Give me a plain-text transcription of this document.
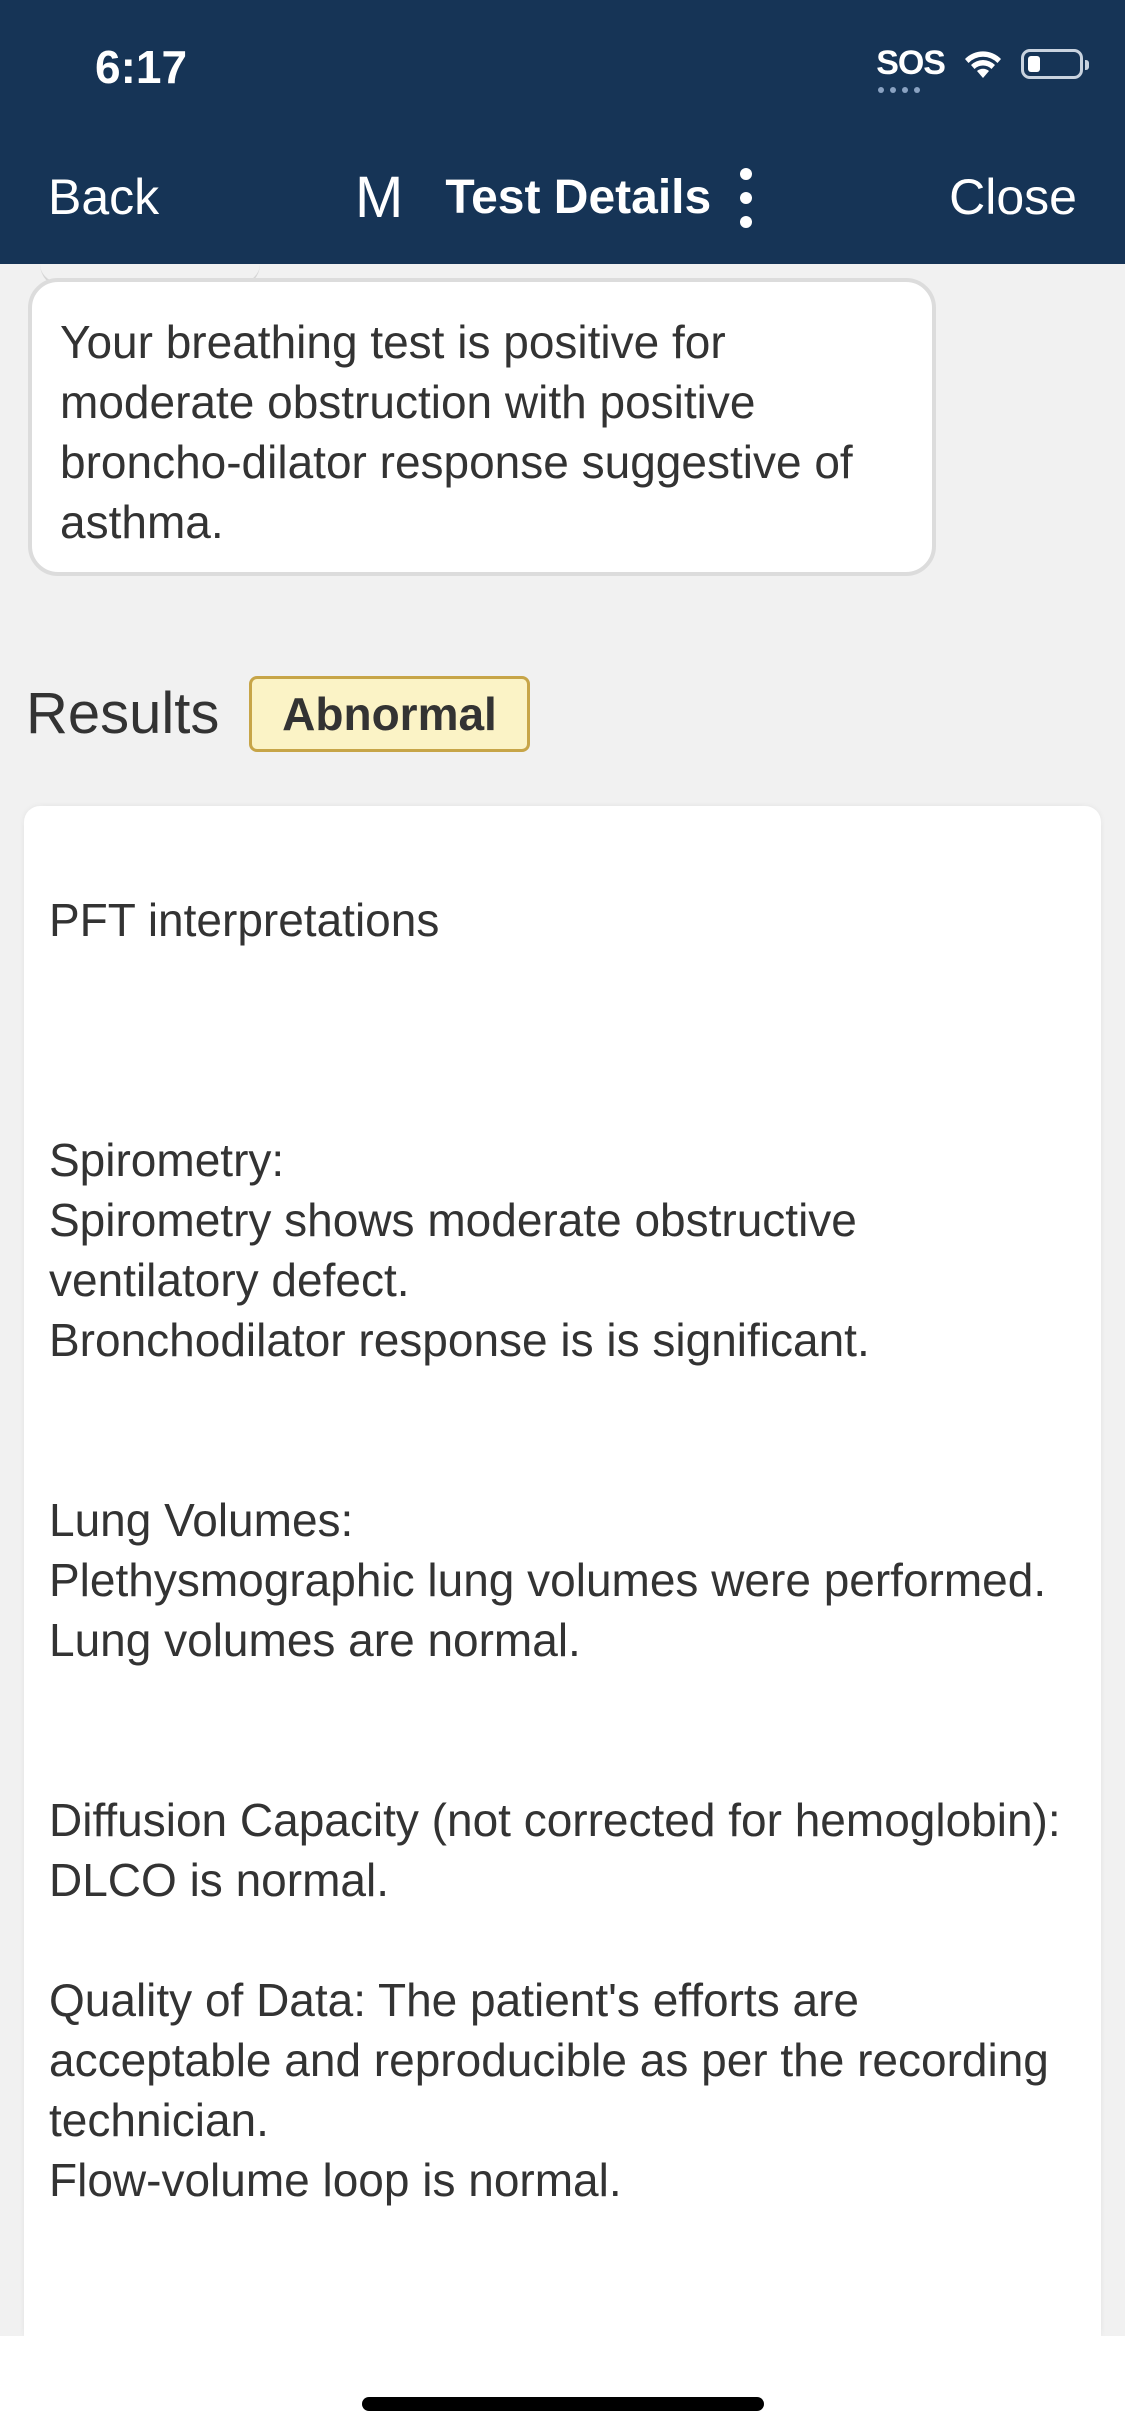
6:17	SOS
Back	M Test Details	Close
Your breathing test is positive for moderate obstruction with positive broncho-dilator response suggestive of asthma.
Results	Abnormal
PFT interpretations

Spirometry:
Spirometry shows moderate obstructive ventilatory defect.
Bronchodilator response is is significant.

Lung Volumes:
Plethysmographic lung volumes were performed.
Lung volumes are normal.

Diffusion Capacity (not corrected for hemoglobin):
DLCO is normal.

Quality of Data: The patient's efforts are acceptable and reproducible as per the recording technician.
Flow-volume loop is normal.
